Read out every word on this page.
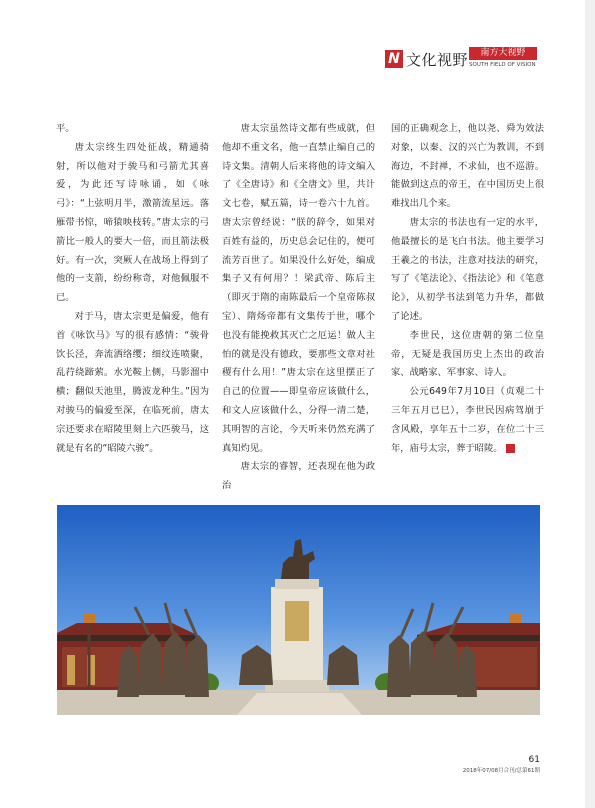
N 文化视野	南方大视野
SOUTH FIELD OF VISION

平。

唐太宗终生四处征战，精通骑射，所以他对于骏马和弓箭尤其喜爱，为此还写诗咏诵，如《咏弓》：“上弦明月半，激箭流星远。落雁带书惊，啼猿映枝转。”唐太宗的弓箭比一般人的要大一倍，而且箭法极好。有一次，突厥人在战场上得到了他的一支箭，纷纷称奇，对他佩服不已。

对于马，唐太宗更是偏爱，他有首《咏饮马》写的很有感情：“骏骨饮长泾，奔流洒络缨；细纹连喷聚，乱荇绕蹄萦。水光鞍上侧，马影溜中横；翻似天池里，腾波龙种生。”因为对骏马的偏爱至深，在临死前，唐太宗还要求在昭陵里刻上六匹骏马，这就是有名的“昭陵六骏”。

唐太宗虽然诗文都有些成就，但他却不重文名，他一直禁止编自己的诗文集。清朝人后来将他的诗文编入了《全唐诗》和《全唐文》里，共计文七卷，赋五篇，诗一卷六十九首。唐太宗曾经说：“朕的辞令，如果对百姓有益的，历史总会记住的，便可流芳百世了。如果没什么好处，编成集子又有何用？！梁武帝、陈后主（即灭于隋的南陈最后一个皇帝陈叔宝）、隋炀帝都有文集传于世，哪个也没有能挽救其灭亡之厄运！做人主怕的就是没有德政，要那些文章对社稷有什么用！”唐太宗在这里摆正了自己的位置——即皇帝应该做什么，和文人应该做什么，分得一清二楚，其明智的言论，今天听来仍然充满了真知灼见。

唐太宗的睿智，还表现在他为政治

国的正确观念上，他以尧、舜为效法对象，以秦、汉的兴亡为教训，不到海边，不封禅，不求仙，也不巡游。能做到这点的帝王，在中国历史上很难找出几个来。

唐太宗的书法也有一定的水平，他最擅长的是飞白书法。他主要学习王羲之的书法，注意对技法的研究，写了《笔法论》、《指法论》和《笔意论》，从初学书法到笔力升华，都做了论述。

李世民，这位唐朝的第二位皇帝，无疑是我国历史上杰出的政治家、战略家、军事家、诗人。

公元649年7月10日（贞观二十三年五月已巳），李世民因病驾崩于含风殿，享年五十二岁，在位二十三年，庙号太宗，葬于昭陵。	N

61
2018年07/08月合刊/总第61期
